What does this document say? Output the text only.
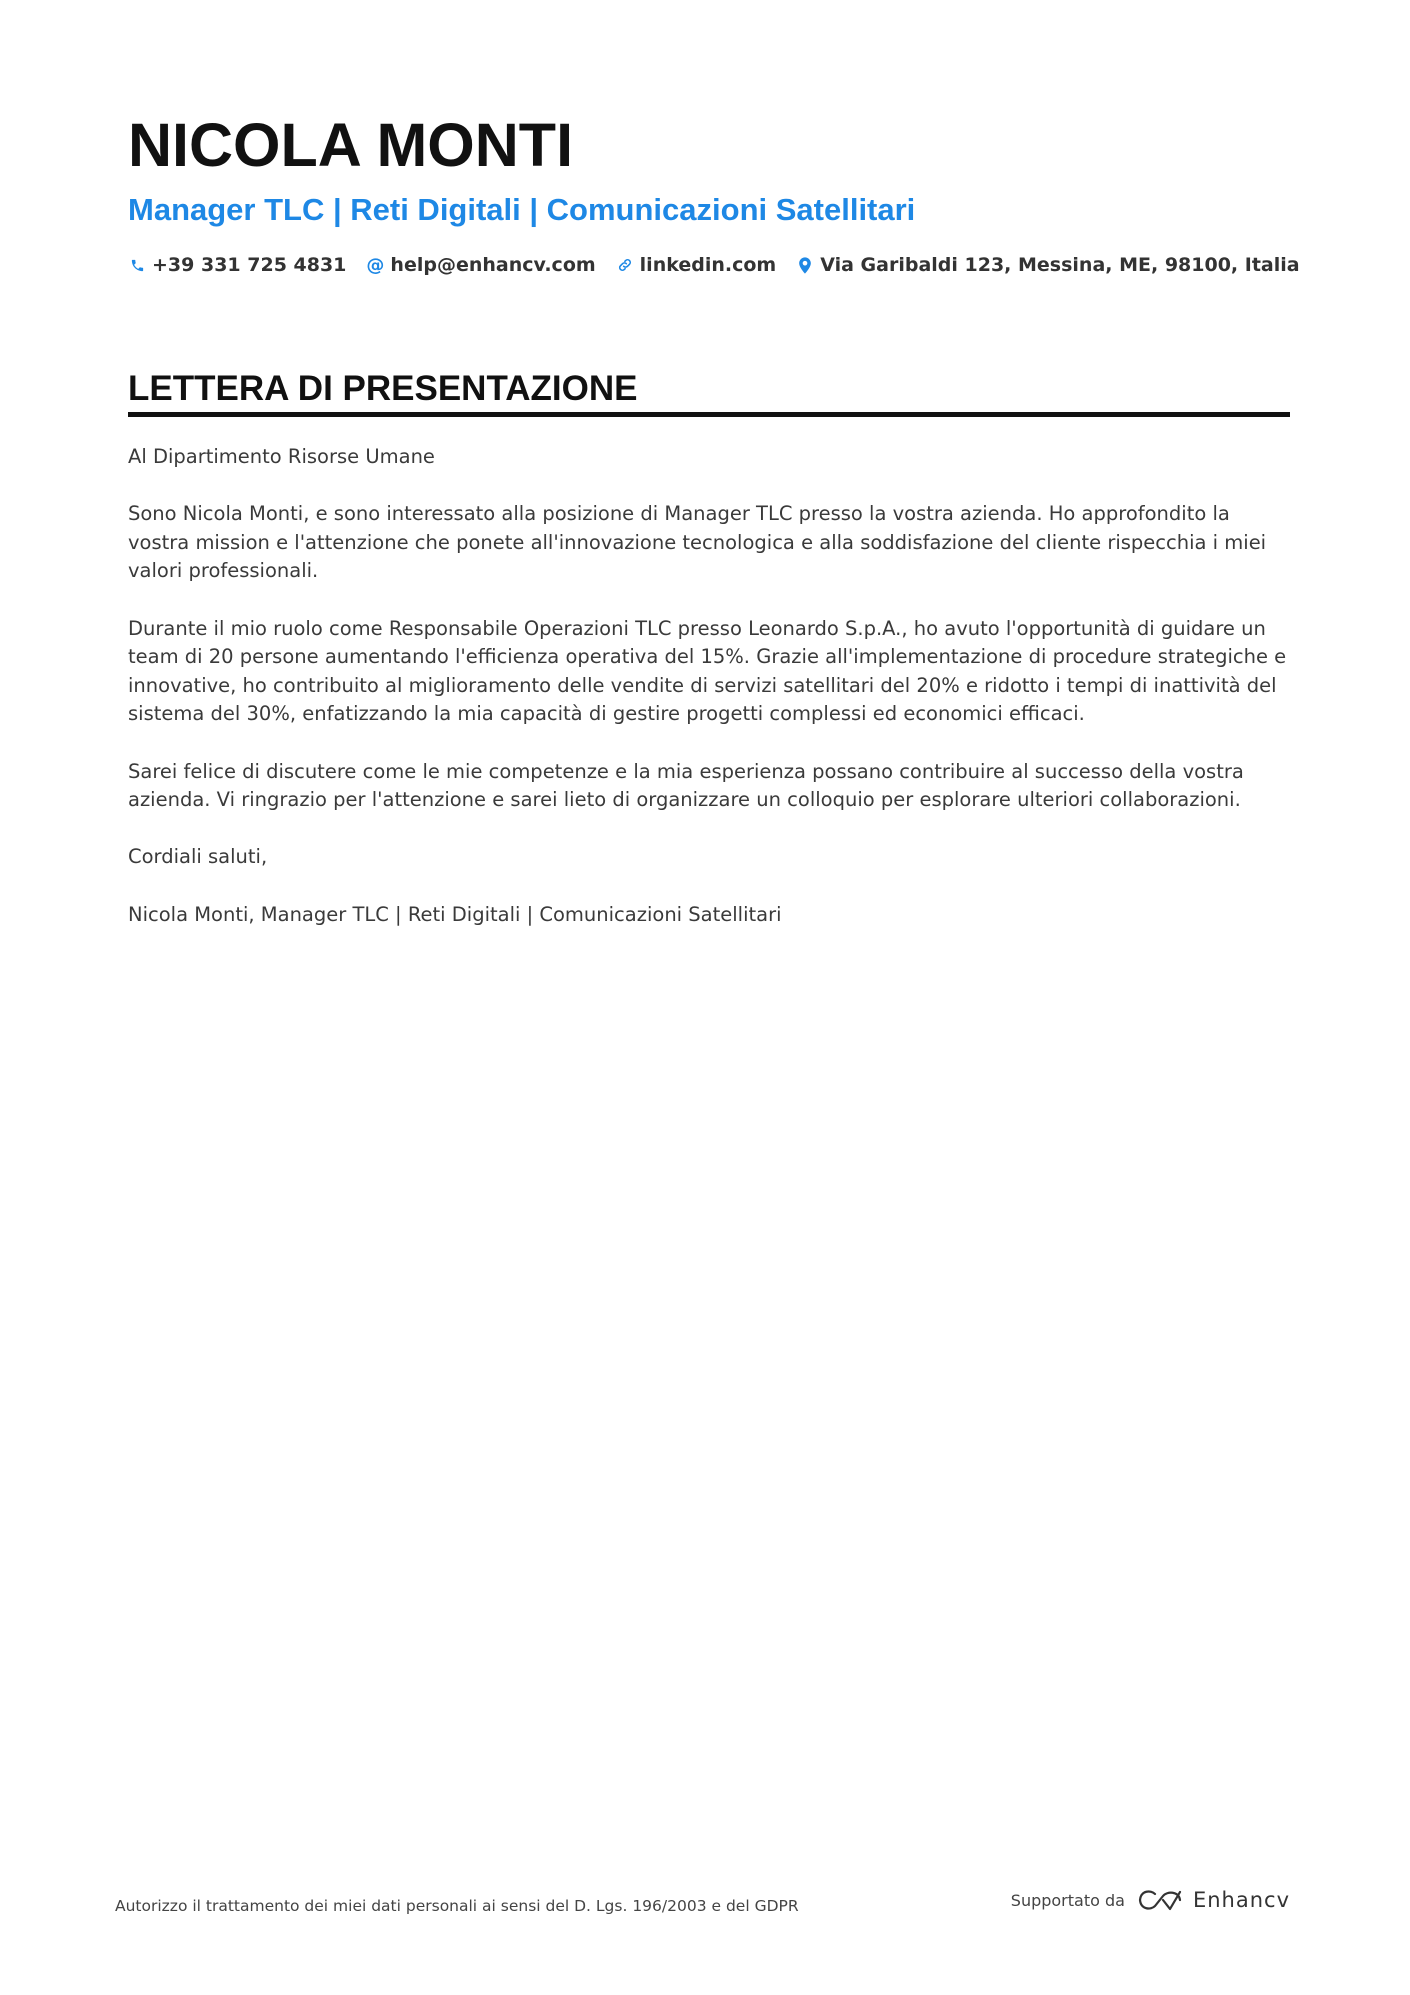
NICOLA MONTI
Manager TLC | Reti Digitali | Comunicazioni Satellitari
+39 331 725 4831 @ help@enhancv.com linkedin.com Via Garibaldi 123, Messina, ME, 98100, Italia
LETTERA DI PRESENTAZIONE

Al Dipartimento Risorse Umane

Sono Nicola Monti, e sono interessato alla posizione di Manager TLC presso la vostra azienda. Ho approfondito la vostra mission e l'attenzione che ponete all'innovazione tecnologica e alla soddisfazione del cliente rispecchia i miei valori professionali.

Durante il mio ruolo come Responsabile Operazioni TLC presso Leonardo S.p.A., ho avuto l'opportunità di guidare un team di 20 persone aumentando l'efficienza operativa del 15%. Grazie all'implementazione di procedure strategiche e innovative, ho contribuito al miglioramento delle vendite di servizi satellitari del 20% e ridotto i tempi di inattività del sistema del 30%, enfatizzando la mia capacità di gestire progetti complessi ed economici efficaci.

Sarei felice di discutere come le mie competenze e la mia esperienza possano contribuire al successo della vostra azienda. Vi ringrazio per l'attenzione e sarei lieto di organizzare un colloquio per esplorare ulteriori collaborazioni.

Cordiali saluti,

Nicola Monti, Manager TLC | Reti Digitali | Comunicazioni Satellitari

Autorizzo il trattamento dei miei dati personali ai sensi del D. Lgs. 196/2003 e del GDPR	Supportato da	Enhancv
